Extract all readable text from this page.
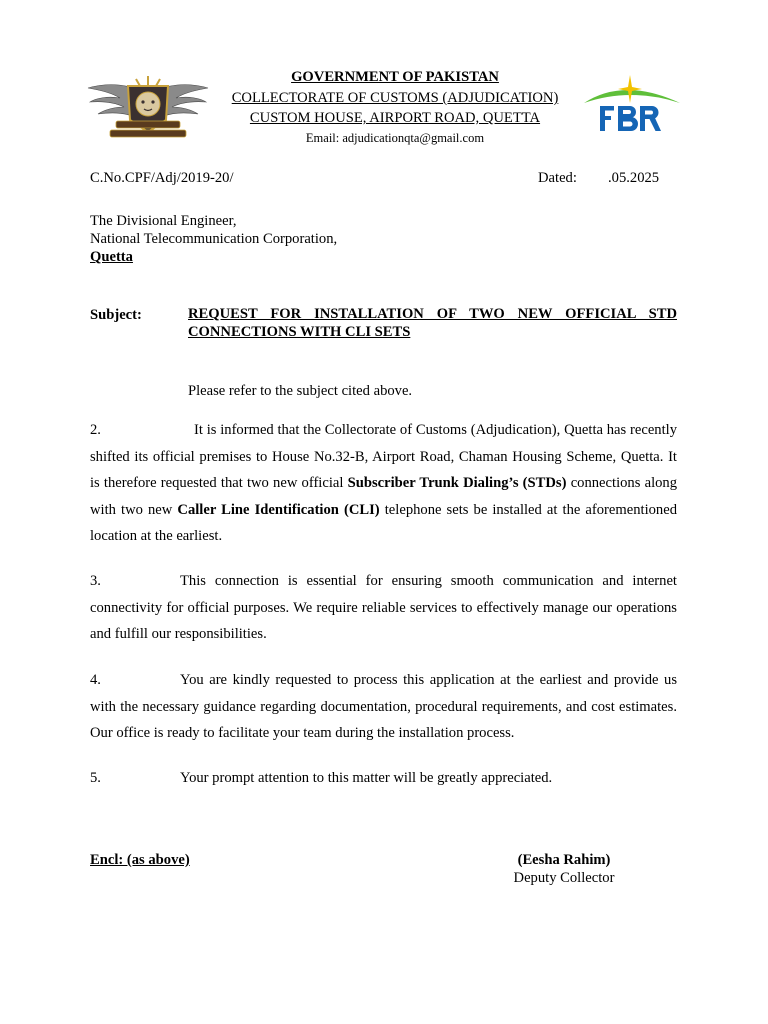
GOVERNMENT OF PAKISTAN
COLLECTORATE OF CUSTOMS (ADJUDICATION)
CUSTOM HOUSE, AIRPORT ROAD, QUETTA
Email: adjudicationqta@gmail.com
C.No.CPF/Adj/2019-20/	Dated: .05.2025
The Divisional Engineer,
National Telecommunication Corporation,
Quetta
Subject:	REQUEST FOR INSTALLATION OF TWO NEW OFFICIAL STD CONNECTIONS WITH CLI SETS
Please refer to the subject cited above.
2.	It is informed that the Collectorate of Customs (Adjudication), Quetta has recently shifted its official premises to House No.32-B, Airport Road, Chaman Housing Scheme, Quetta. It is therefore requested that two new official Subscriber Trunk Dialing’s (STDs) connections along with two new Caller Line Identification (CLI) telephone sets be installed at the aforementioned location at the earliest.
3.	This connection is essential for ensuring smooth communication and internet connectivity for official purposes. We require reliable services to effectively manage our operations and fulfill our responsibilities.
4.	You are kindly requested to process this application at the earliest and provide us with the necessary guidance regarding documentation, procedural requirements, and cost estimates. Our office is ready to facilitate your team during the installation process.
5.	Your prompt attention to this matter will be greatly appreciated.
Encl: (as above)	(Eesha Rahim)
Deputy Collector
